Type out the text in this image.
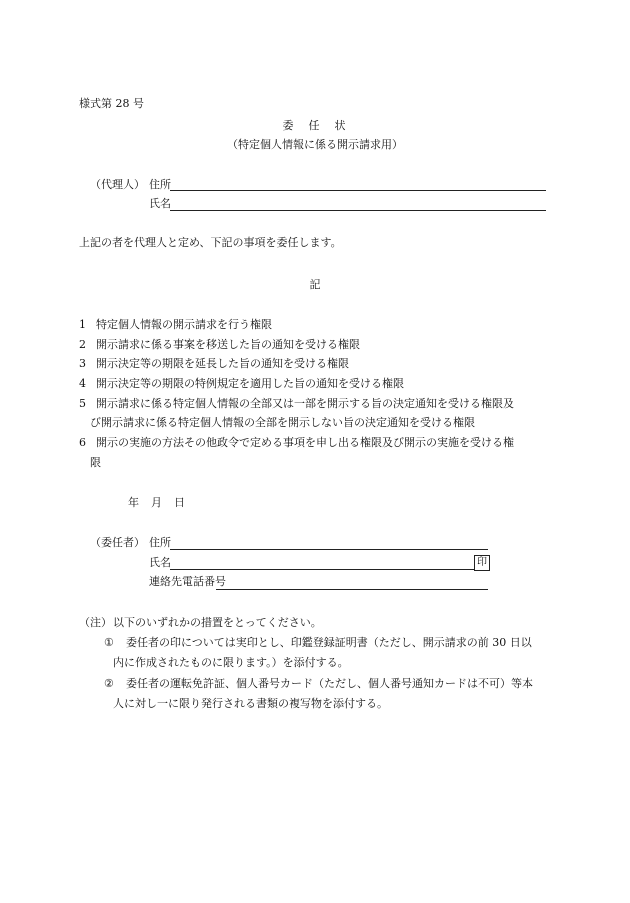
様式第 28 号
委　任　状
（特定個人情報に係る開示請求用）
（代理人） 住所
氏名
上記の者を代理人と定め、下記の事項を委任します。
記
1 特定個人情報の開示請求を行う権限
2 開示請求に係る事案を移送した旨の通知を受ける権限
3 開示決定等の期限を延長した旨の通知を受ける権限
4 開示決定等の期限の特例規定を適用した旨の通知を受ける権限
5 開示請求に係る特定個人情報の全部又は一部を開示する旨の決定通知を受ける権限及
び開示請求に係る特定個人情報の全部を開示しない旨の決定通知を受ける権限
6 開示の実施の方法その他政令で定める事項を申し出る権限及び開示の実施を受ける権
限
年 月 日
（委任者） 住所
氏名	印
連絡先電話番号
（注） 以下のいずれかの措置をとってください。
① 委任者の印については実印とし、印鑑登録証明書（ただし、開示請求の前 30 日以
内に作成されたものに限ります。）を添付する。
② 委任者の運転免許証、個人番号カード（ただし、個人番号通知カードは不可）等本
人に対し一に限り発行される書類の複写物を添付する。
